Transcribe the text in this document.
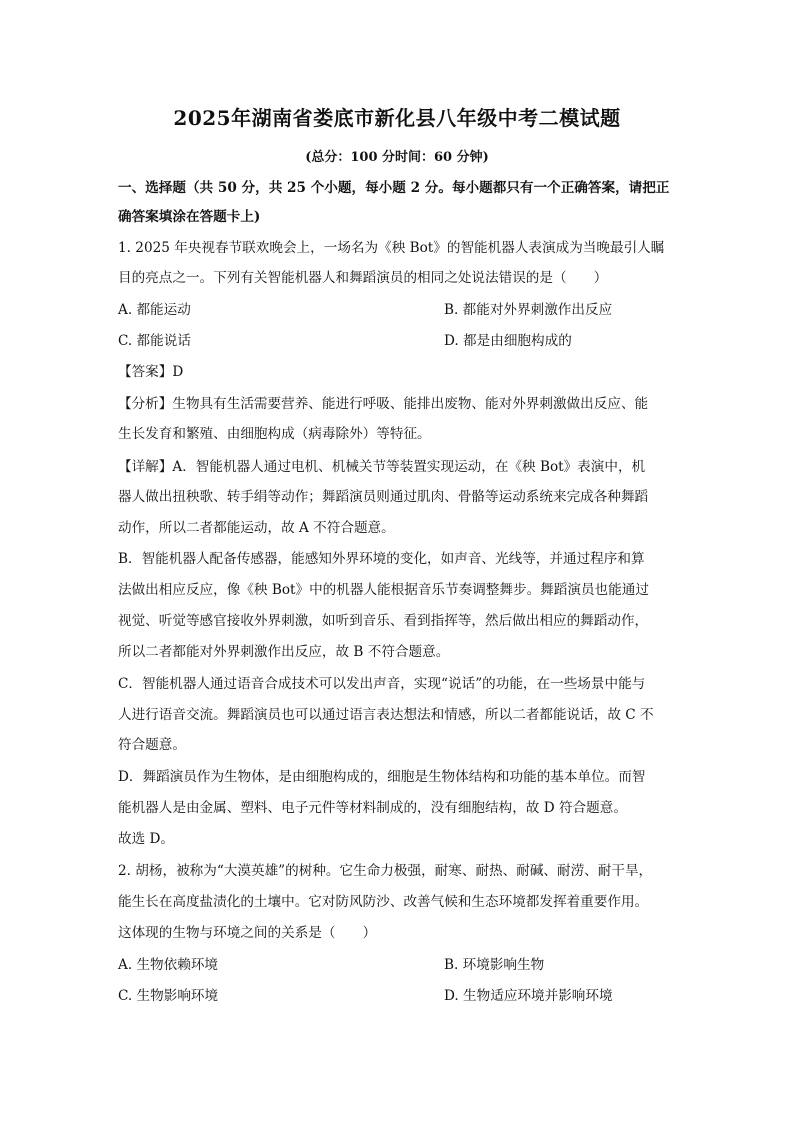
2025年湖南省娄底市新化县八年级中考二模试题
(总分：100 分时间：60 分钟)
一、选择题（共 50 分，共 25 个小题，每小题 2 分。每小题都只有一个正确答案，请把正
确答案填涂在答题卡上)
1. 2025 年央视春节联欢晚会上，一场名为《秧 Bot》的智能机器人表演成为当晚最引人瞩
目的亮点之一。下列有关智能机器人和舞蹈演员的相同之处说法错误的是（　　）
A. 都能运动	B. 都能对外界刺激作出反应
C. 都能说话	D. 都是由细胞构成的
【答案】D
【分析】生物具有生活需要营养、能进行呼吸、能排出废物、能对外界刺激做出反应、能
生长发育和繁殖、由细胞构成（病毒除外）等特征。
【详解】A．智能机器人通过电机、机械关节等装置实现运动，在《秧 Bot》表演中，机
器人做出扭秧歌、转手绢等动作；舞蹈演员则通过肌肉、骨骼等运动系统来完成各种舞蹈
动作，所以二者都能运动，故 A 不符合题意。
B．智能机器人配备传感器，能感知外界环境的变化，如声音、光线等，并通过程序和算
法做出相应反应，像《秧 Bot》中的机器人能根据音乐节奏调整舞步。舞蹈演员也能通过
视觉、听觉等感官接收外界刺激，如听到音乐、看到指挥等，然后做出相应的舞蹈动作，
所以二者都能对外界刺激作出反应，故 B 不符合题意。
C．智能机器人通过语音合成技术可以发出声音，实现“说话”的功能，在一些场景中能与
人进行语音交流。舞蹈演员也可以通过语言表达想法和情感，所以二者都能说话，故 C 不
符合题意。
D．舞蹈演员作为生物体，是由细胞构成的，细胞是生物体结构和功能的基本单位。而智
能机器人是由金属、塑料、电子元件等材料制成的，没有细胞结构，故 D 符合题意。
故选 D。
2. 胡杨，被称为“大漠英雄”的树种。它生命力极强，耐寒、耐热、耐碱、耐涝、耐干旱，
能生长在高度盐渍化的土壤中。它对防风防沙、改善气候和生态环境都发挥着重要作用。
这体现的生物与环境之间的关系是（　　）
A. 生物依赖环境	B. 环境影响生物
C. 生物影响环境	D. 生物适应环境并影响环境
